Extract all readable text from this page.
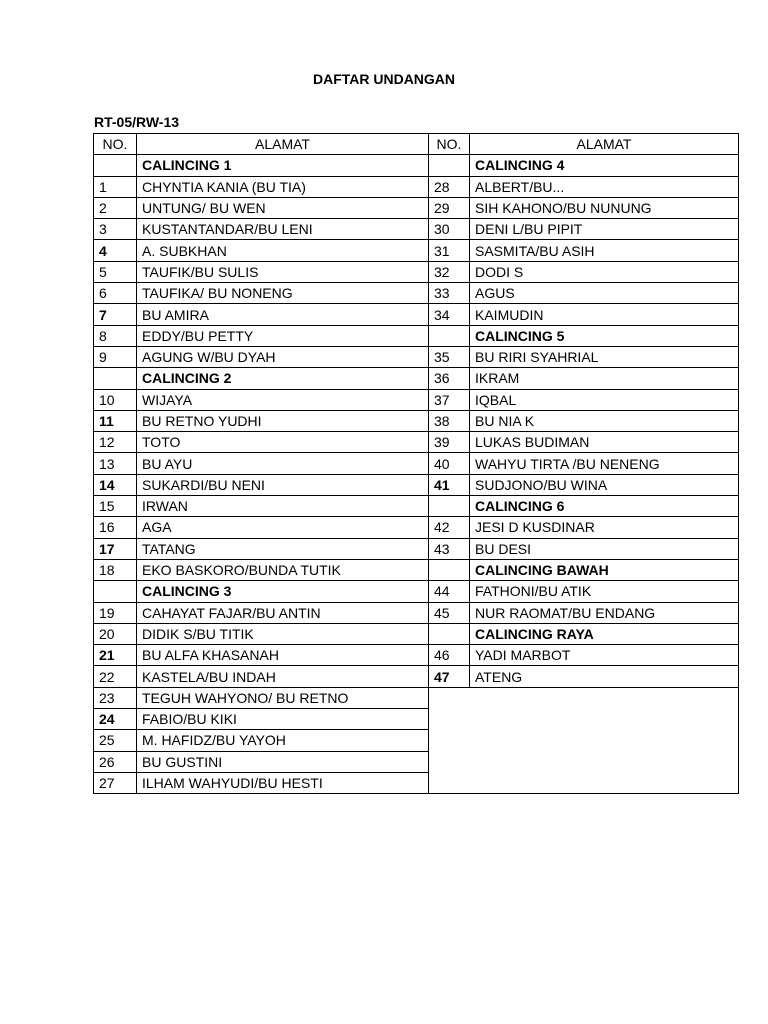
DAFTAR UNDANGAN
RT-05/RW-13
NO.	ALAMAT	NO.	ALAMAT
	CALINCING 1		CALINCING 4
1	CHYNTIA KANIA (BU TIA)	28	ALBERT/BU...
2	UNTUNG/ BU WEN	29	SIH KAHONO/BU NUNUNG
3	KUSTANTANDAR/BU LENI	30	DENI L/BU PIPIT
4	A. SUBKHAN	31	SASMITA/BU ASIH
5	TAUFIK/BU SULIS	32	DODI S
6	TAUFIKA/ BU NONENG	33	AGUS
7	BU AMIRA	34	KAIMUDIN
8	EDDY/BU PETTY		CALINCING 5
9	AGUNG W/BU DYAH	35	BU RIRI SYAHRIAL
	CALINCING 2	36	IKRAM
10	WIJAYA	37	IQBAL
11	BU RETNO YUDHI	38	BU NIA K
12	TOTO	39	LUKAS BUDIMAN
13	BU AYU	40	WAHYU TIRTA /BU NENENG
14	SUKARDI/BU NENI	41	SUDJONO/BU WINA
15	IRWAN		CALINCING 6
16	AGA	42	JESI D KUSDINAR
17	TATANG	43	BU DESI
18	EKO BASKORO/BUNDA TUTIK		CALINCING BAWAH
	CALINCING 3	44	FATHONI/BU ATIK
19	CAHAYAT FAJAR/BU ANTIN	45	NUR RAOMAT/BU ENDANG
20	DIDIK S/BU TITIK		CALINCING RAYA
21	BU ALFA KHASANAH	46	YADI MARBOT
22	KASTELA/BU INDAH	47	ATENG
23	TEGUH WAHYONO/ BU RETNO		
24	FABIO/BU KIKI		
25	M. HAFIDZ/BU YAYOH		
26	BU GUSTINI		
27	ILHAM WAHYUDI/BU HESTI		
